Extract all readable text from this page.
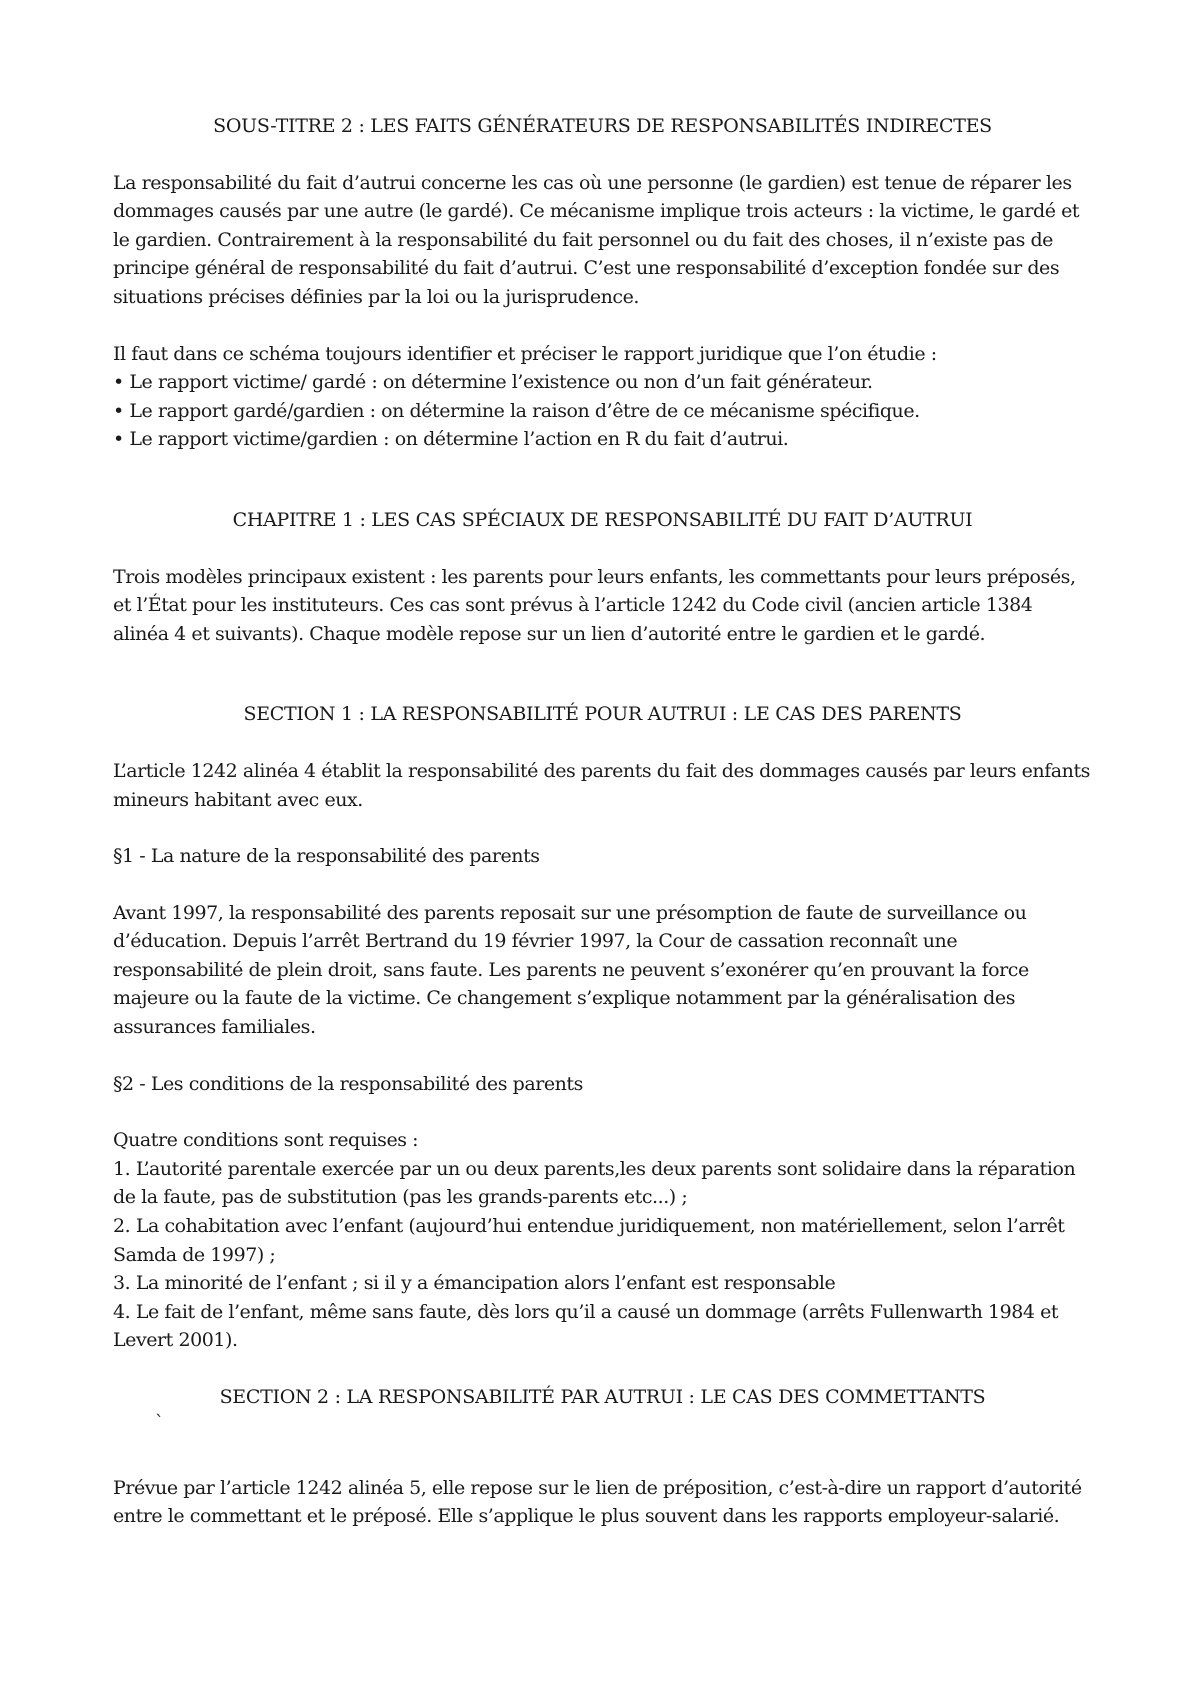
SOUS-TITRE 2 : LES FAITS GÉNÉRATEURS DE RESPONSABILITÉS INDIRECTES

La responsabilité du fait d’autrui concerne les cas où une personne (le gardien) est tenue de réparer les dommages causés par une autre (le gardé). Ce mécanisme implique trois acteurs : la victime, le gardé et le gardien. Contrairement à la responsabilité du fait personnel ou du fait des choses, il n’existe pas de principe général de responsabilité du fait d’autrui. C’est une responsabilité d’exception fondée sur des situations précises définies par la loi ou la jurisprudence.

Il faut dans ce schéma toujours identifier et préciser le rapport juridique que l’on étudie :

• Le rapport victime/ gardé : on détermine l’existence ou non d’un fait générateur.
• Le rapport gardé/gardien : on détermine la raison d’être de ce mécanisme spécifique.
• Le rapport victime/gardien : on détermine l’action en R du fait d’autrui.
CHAPITRE 1 : LES CAS SPÉCIAUX DE RESPONSABILITÉ DU FAIT D’AUTRUI

Trois modèles principaux existent : les parents pour leurs enfants, les commettants pour leurs préposés, et l’État pour les instituteurs. Ces cas sont prévus à l’article 1242 du Code civil (ancien article 1384 alinéa 4 et suivants). Chaque modèle repose sur un lien d’autorité entre le gardien et le gardé.

SECTION 1 : LA RESPONSABILITÉ POUR AUTRUI : LE CAS DES PARENTS

L’article 1242 alinéa 4 établit la responsabilité des parents du fait des dommages causés par leurs enfants mineurs habitant avec eux.

§1 - La nature de la responsabilité des parents

Avant 1997, la responsabilité des parents reposait sur une présomption de faute de surveillance ou d’éducation. Depuis l’arrêt Bertrand du 19 février 1997, la Cour de cassation reconnaît une responsabilité de plein droit, sans faute. Les parents ne peuvent s’exonérer qu’en prouvant la force majeure ou la faute de la victime. Ce changement s’explique notamment par la généralisation des assurances familiales.

§2 - Les conditions de la responsabilité des parents

Quatre conditions sont requises :

1. L’autorité parentale exercée par un ou deux parents,les deux parents sont solidaire dans la réparation de la faute, pas de substitution (pas les grands-parents etc...) ;
2. La cohabitation avec l’enfant (aujourd’hui entendue juridiquement, non matériellement, selon l’arrêt Samda de 1997) ;
3. La minorité de l’enfant ; si il y a émancipation alors l’enfant est responsable
4. Le fait de l’enfant, même sans faute, dès lors qu’il a causé un dommage (arrêts Fullenwarth 1984 et Levert 2001).
SECTION 2 : LA RESPONSABILITÉ PAR AUTRUI : LE CAS DES COMMETTANTS
`

Prévue par l’article 1242 alinéa 5, elle repose sur le lien de préposition, c’est-à-dire un rapport d’autorité entre le commettant et le préposé. Elle s’applique le plus souvent dans les rapports employeur-salarié.
